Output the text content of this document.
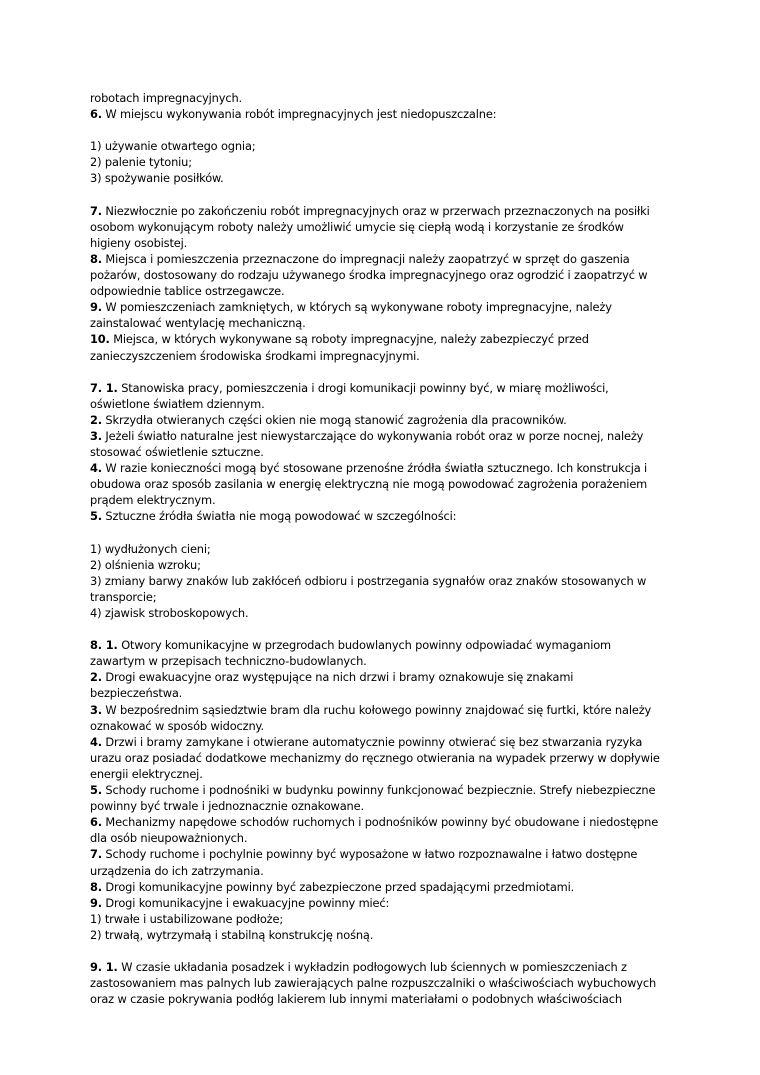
robotach impregnacyjnych.
6. W miejscu wykonywania robót impregnacyjnych jest niedopuszczalne:
1) używanie otwartego ognia;
2) palenie tytoniu;
3) spożywanie posiłków.
7. Niezwłocznie po zakończeniu robót impregnacyjnych oraz w przerwach przeznaczonych na posiłki
osobom wykonującym roboty należy umożliwić umycie się ciepłą wodą i korzystanie ze środków
higieny osobistej.
8. Miejsca i pomieszczenia przeznaczone do impregnacji należy zaopatrzyć w sprzęt do gaszenia
pożarów, dostosowany do rodzaju używanego środka impregnacyjnego oraz ogrodzić i zaopatrzyć w
odpowiednie tablice ostrzegawcze.
9. W pomieszczeniach zamkniętych, w których są wykonywane roboty impregnacyjne, należy
zainstalować wentylację mechaniczną.
10. Miejsca, w których wykonywane są roboty impregnacyjne, należy zabezpieczyć przed
zanieczyszczeniem środowiska środkami impregnacyjnymi.
7. 1. Stanowiska pracy, pomieszczenia i drogi komunikacji powinny być, w miarę możliwości,
oświetlone światłem dziennym.
2. Skrzydła otwieranych części okien nie mogą stanowić zagrożenia dla pracowników.
3. Jeżeli światło naturalne jest niewystarczające do wykonywania robót oraz w porze nocnej, należy
stosować oświetlenie sztuczne.
4. W razie konieczności mogą być stosowane przenośne źródła światła sztucznego. Ich konstrukcja i
obudowa oraz sposób zasilania w energię elektryczną nie mogą powodować zagrożenia porażeniem
prądem elektrycznym.
5. Sztuczne źródła światła nie mogą powodować w szczególności:
1) wydłużonych cieni;
2) olśnienia wzroku;
3) zmiany barwy znaków lub zakłóceń odbioru i postrzegania sygnałów oraz znaków stosowanych w
transporcie;
4) zjawisk stroboskopowych.
8. 1. Otwory komunikacyjne w przegrodach budowlanych powinny odpowiadać wymaganiom
zawartym w przepisach techniczno-budowlanych.
2. Drogi ewakuacyjne oraz występujące na nich drzwi i bramy oznakowuje się znakami
bezpieczeństwa.
3. W bezpośrednim sąsiedztwie bram dla ruchu kołowego powinny znajdować się furtki, które należy
oznakować w sposób widoczny.
4. Drzwi i bramy zamykane i otwierane automatycznie powinny otwierać się bez stwarzania ryzyka
urazu oraz posiadać dodatkowe mechanizmy do ręcznego otwierania na wypadek przerwy w dopływie
energii elektrycznej.
5. Schody ruchome i podnośniki w budynku powinny funkcjonować bezpiecznie. Strefy niebezpieczne
powinny być trwale i jednoznacznie oznakowane.
6. Mechanizmy napędowe schodów ruchomych i podnośników powinny być obudowane i niedostępne
dla osób nieupoważnionych.
7. Schody ruchome i pochylnie powinny być wyposażone w łatwo rozpoznawalne i łatwo dostępne
urządzenia do ich zatrzymania.
8. Drogi komunikacyjne powinny być zabezpieczone przed spadającymi przedmiotami.
9. Drogi komunikacyjne i ewakuacyjne powinny mieć:
1) trwałe i ustabilizowane podłoże;
2) trwałą, wytrzymałą i stabilną konstrukcję nośną.
9. 1. W czasie układania posadzek i wykładzin podłogowych lub ściennych w pomieszczeniach z
zastosowaniem mas palnych lub zawierających palne rozpuszczalniki o właściwościach wybuchowych
oraz w czasie pokrywania podłóg lakierem lub innymi materiałami o podobnych właściwościach
